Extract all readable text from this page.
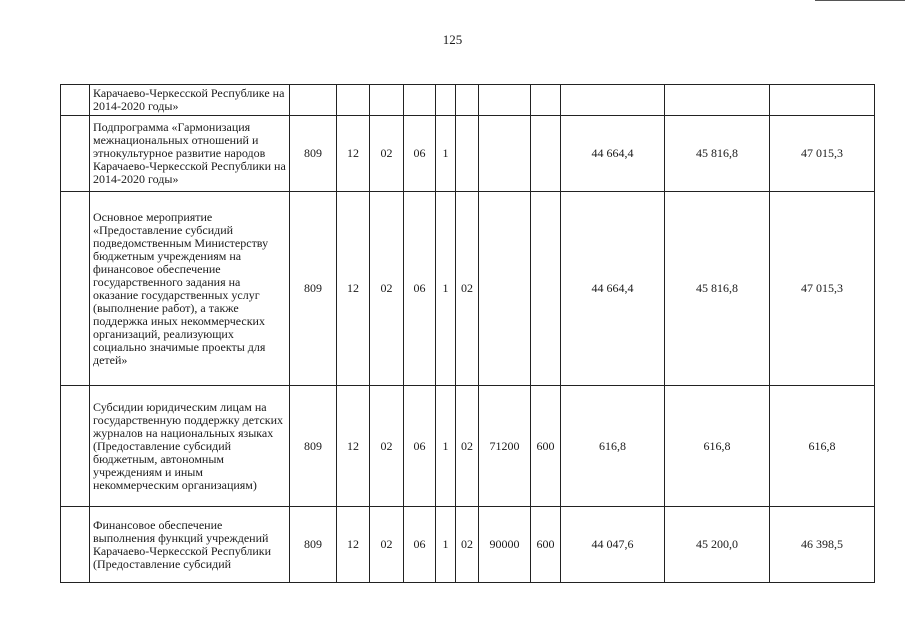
125
	Карачаево-Черкесской Республике на 2014-2020 годы»											
	Подпрограмма «Гармонизация межнациональных отношений и этнокультурное развитие народов Карачаево-Черкесской Республики на 2014-2020 годы»	809	12	02	06	1				44 664,4	45 816,8	47 015,3
	Основное мероприятие «Предоставление субсидий подведомственным Министерству бюджетным учреждениям на финансовое обеспечение государственного задания на оказание государственных услуг (выполнение работ), а также поддержка иных некоммерческих организаций, реализующих социально значимые проекты для детей»	809	12	02	06	1	02			44 664,4	45 816,8	47 015,3
	Субсидии юридическим лицам на государственную поддержку детских журналов на национальных языках (Предоставление субсидий бюджетным, автономным учреждениям и иным некоммерческим организациям)	809	12	02	06	1	02	71200	600	616,8	616,8	616,8
	Финансовое обеспечение выполнения функций учреждений Карачаево-Черкесской Республики (Предоставление субсидий	809	12	02	06	1	02	90000	600	44 047,6	45 200,0	46 398,5
